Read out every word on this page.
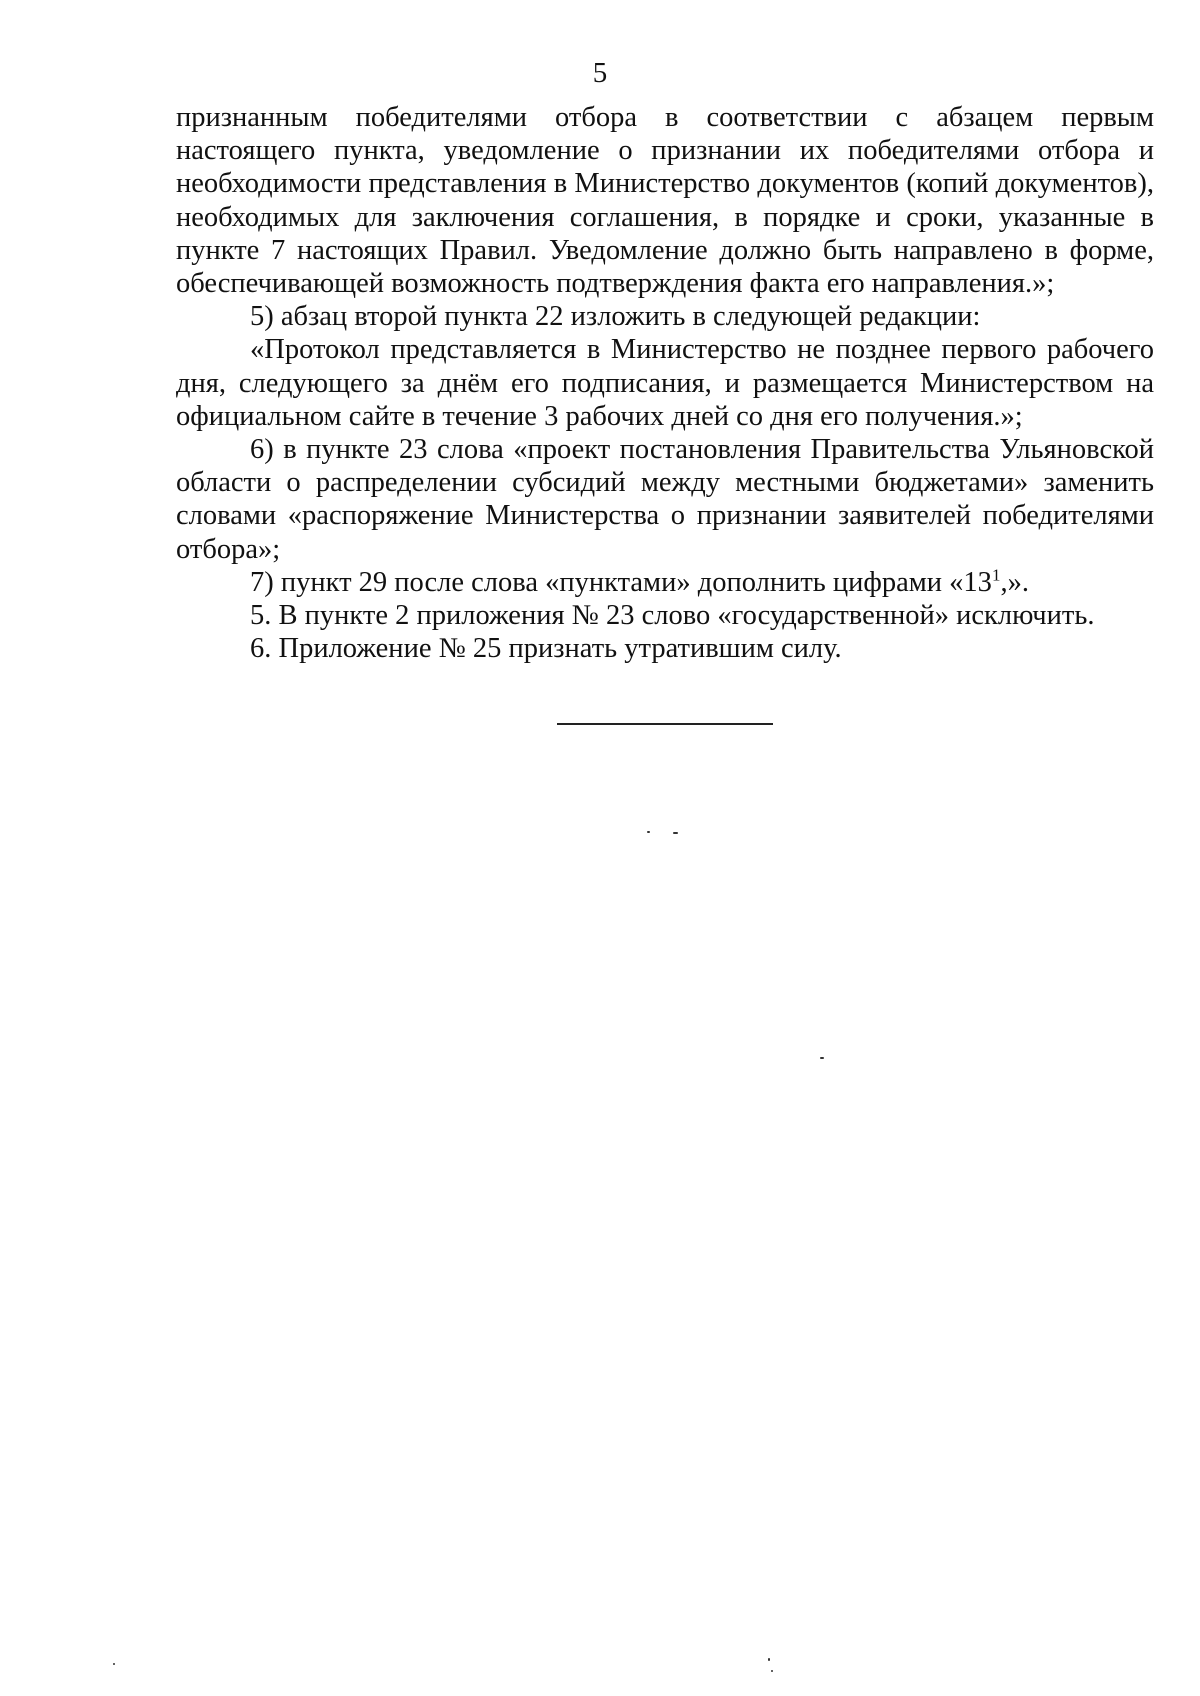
5

признанным победителями отбора в соответствии с абзацем первым настоящего пункта, уведомление о признании их победителями отбора и необходимости представления в Министерство документов (копий документов), необходимых для заключения соглашения, в порядке и сроки, указанные в пункте 7 настоящих Правил. Уведомление должно быть направлено в форме, обеспечивающей возможность подтверждения факта его направления.»;

5) абзац второй пункта 22 изложить в следующей редакции:

«Протокол представляется в Министерство не позднее первого рабочего дня, следующего за днём его подписания, и размещается Министерством на официальном сайте в течение 3 рабочих дней со дня его получения.»;

6) в пункте 23 слова «проект постановления Правительства Ульяновской области о распределении субсидий между местными бюджетами» заменить словами «распоряжение Министерства о признании заявителей победителями отбора»;

7) пункт 29 после слова «пунктами» дополнить цифрами «$13^1$,».

5. В пункте 2 приложения № 23 слово «государственной» исключить.

6. Приложение № 25 признать утратившим силу.
